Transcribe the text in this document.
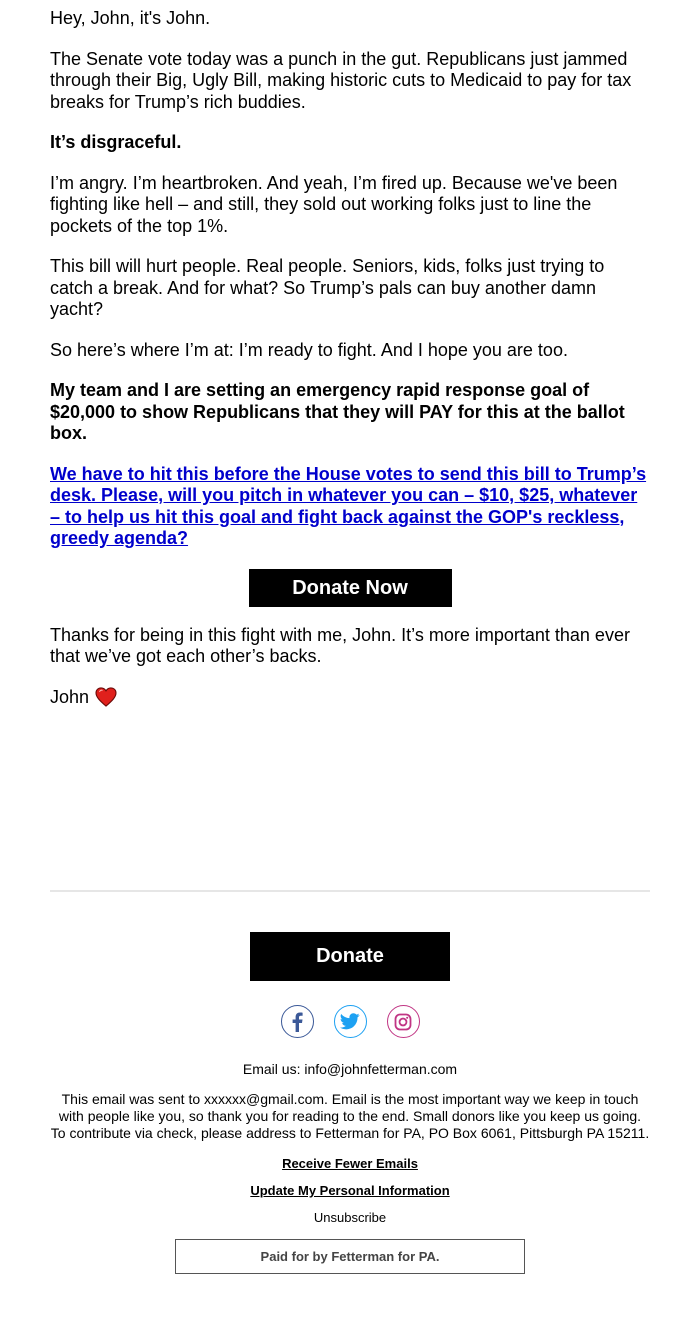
Hey, John, it's John.

The Senate vote today was a punch in the gut. Republicans just jammed through their Big, Ugly Bill, making historic cuts to Medicaid to pay for tax breaks for Trump’s rich buddies.

It’s disgraceful.

I’m angry. I’m heartbroken. And yeah, I’m fired up. Because we've been fighting like hell – and still, they sold out working folks just to line the pockets of the top 1%.

This bill will hurt people. Real people. Seniors, kids, folks just trying to catch a break. And for what? So Trump’s pals can buy another damn yacht?

So here’s where I’m at: I’m ready to fight. And I hope you are too.

My team and I are setting an emergency rapid response goal of $20,000 to show Republicans that they will PAY for this at the ballot box.

We have to hit this before the House votes to send this bill to Trump’s desk. Please, will you pitch in whatever you can – $10, $25, whatever – to help us hit this goal and fight back against the GOP's reckless, greedy agenda?

Donate Now

Thanks for being in this fight with me, John. It’s more important than ever that we’ve got each other’s backs.

John
Donate
Email us: info@johnfetterman.com
This email was sent to xxxxxx@gmail.com. Email is the most important way we keep in touch with people like you, so thank you for reading to the end. Small donors like you keep us going. To contribute via check, please address to Fetterman for PA, PO Box 6061, Pittsburgh PA 15211.
Receive Fewer Emails
Update My Personal Information
Unsubscribe
Paid for by Fetterman for PA.
